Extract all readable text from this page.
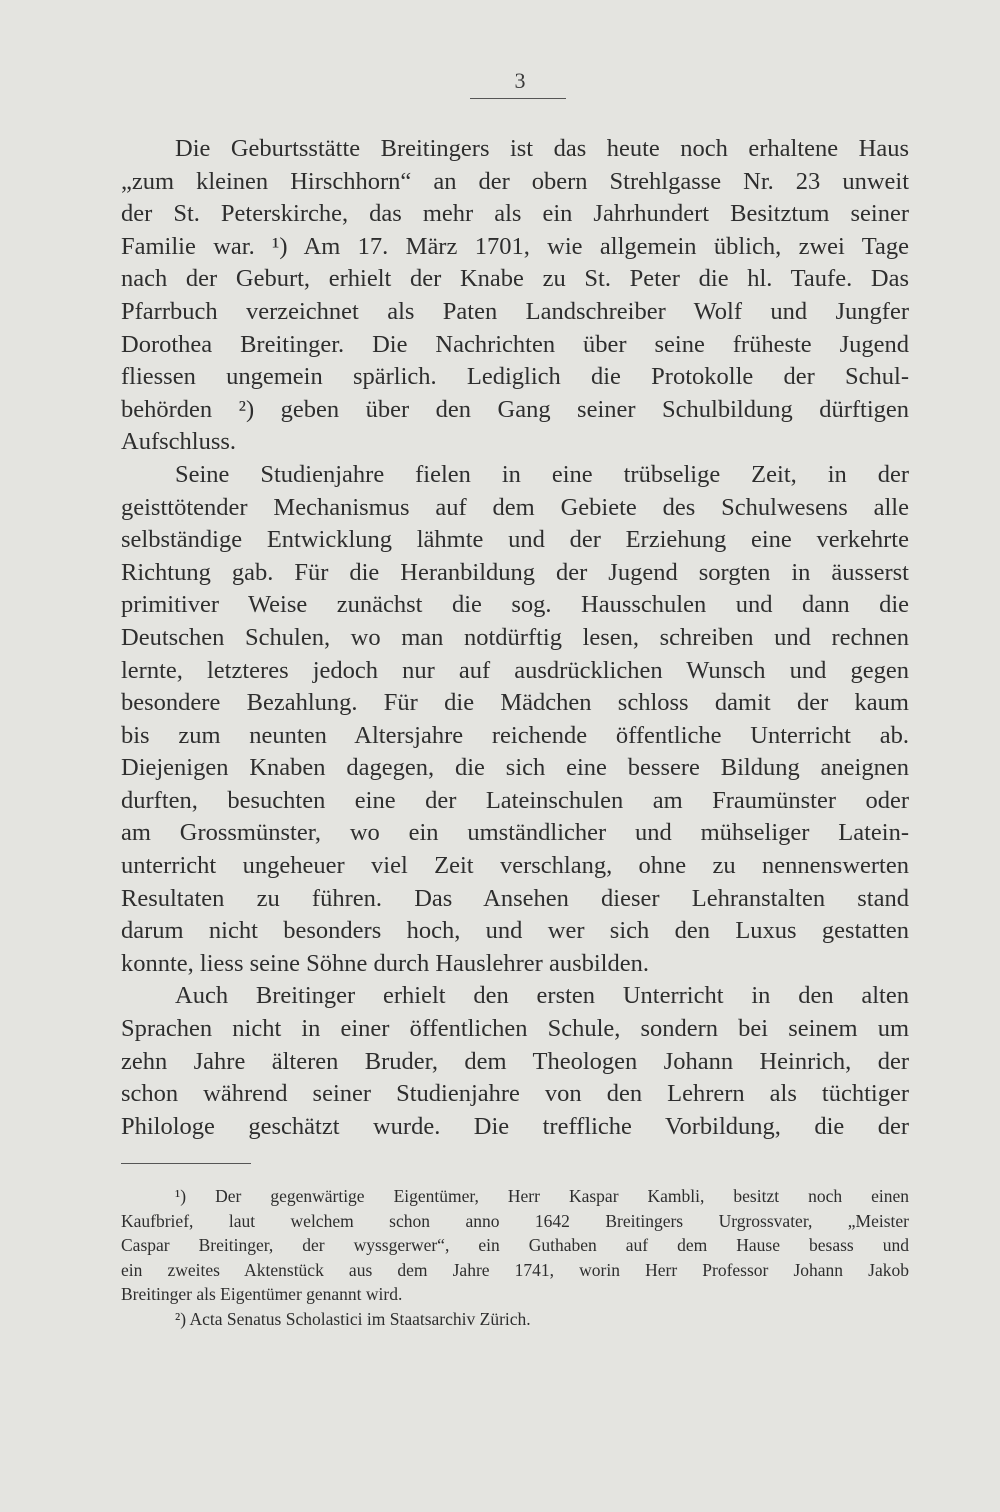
3
Die Geburtsstätte Breitingers ist das heute noch erhaltene Haus
„zum kleinen Hirschhorn“ an der obern Strehlgasse Nr. 23 unweit
der St. Peterskirche, das mehr als ein Jahrhundert Besitztum seiner
Familie war. ¹) Am 17. März 1701, wie allgemein üblich, zwei Tage
nach der Geburt, erhielt der Knabe zu St. Peter die hl. Taufe. Das
Pfarrbuch verzeichnet als Paten Landschreiber Wolf und Jungfer
Dorothea Breitinger. Die Nachrichten über seine früheste Jugend
fliessen ungemein spärlich. Lediglich die Protokolle der Schul-
behörden ²) geben über den Gang seiner Schulbildung dürftigen
Aufschluss.
Seine Studienjahre fielen in eine trübselige Zeit, in der
geisttötender Mechanismus auf dem Gebiete des Schulwesens alle
selbständige Entwicklung lähmte und der Erziehung eine verkehrte
Richtung gab. Für die Heranbildung der Jugend sorgten in äusserst
primitiver Weise zunächst die sog. Hausschulen und dann die
Deutschen Schulen, wo man notdürftig lesen, schreiben und rechnen
lernte, letzteres jedoch nur auf ausdrücklichen Wunsch und gegen
besondere Bezahlung. Für die Mädchen schloss damit der kaum
bis zum neunten Altersjahre reichende öffentliche Unterricht ab.
Diejenigen Knaben dagegen, die sich eine bessere Bildung aneignen
durften, besuchten eine der Lateinschulen am Fraumünster oder
am Grossmünster, wo ein umständlicher und mühseliger Latein-
unterricht ungeheuer viel Zeit verschlang, ohne zu nennenswerten
Resultaten zu führen. Das Ansehen dieser Lehranstalten stand
darum nicht besonders hoch, und wer sich den Luxus gestatten
konnte, liess seine Söhne durch Hauslehrer ausbilden.
Auch Breitinger erhielt den ersten Unterricht in den alten
Sprachen nicht in einer öffentlichen Schule, sondern bei seinem um
zehn Jahre älteren Bruder, dem Theologen Johann Heinrich, der
schon während seiner Studienjahre von den Lehrern als tüchtiger
Philologe geschätzt wurde. Die treffliche Vorbildung, die der
¹) Der gegenwärtige Eigentümer, Herr Kaspar Kambli, besitzt noch einen
Kaufbrief, laut welchem schon anno 1642 Breitingers Urgrossvater, „Meister
Caspar Breitinger, der wyssgerwer“, ein Guthaben auf dem Hause besass und
ein zweites Aktenstück aus dem Jahre 1741, worin Herr Professor Johann Jakob
Breitinger als Eigentümer genannt wird.
²) Acta Senatus Scholastici im Staatsarchiv Zürich.
